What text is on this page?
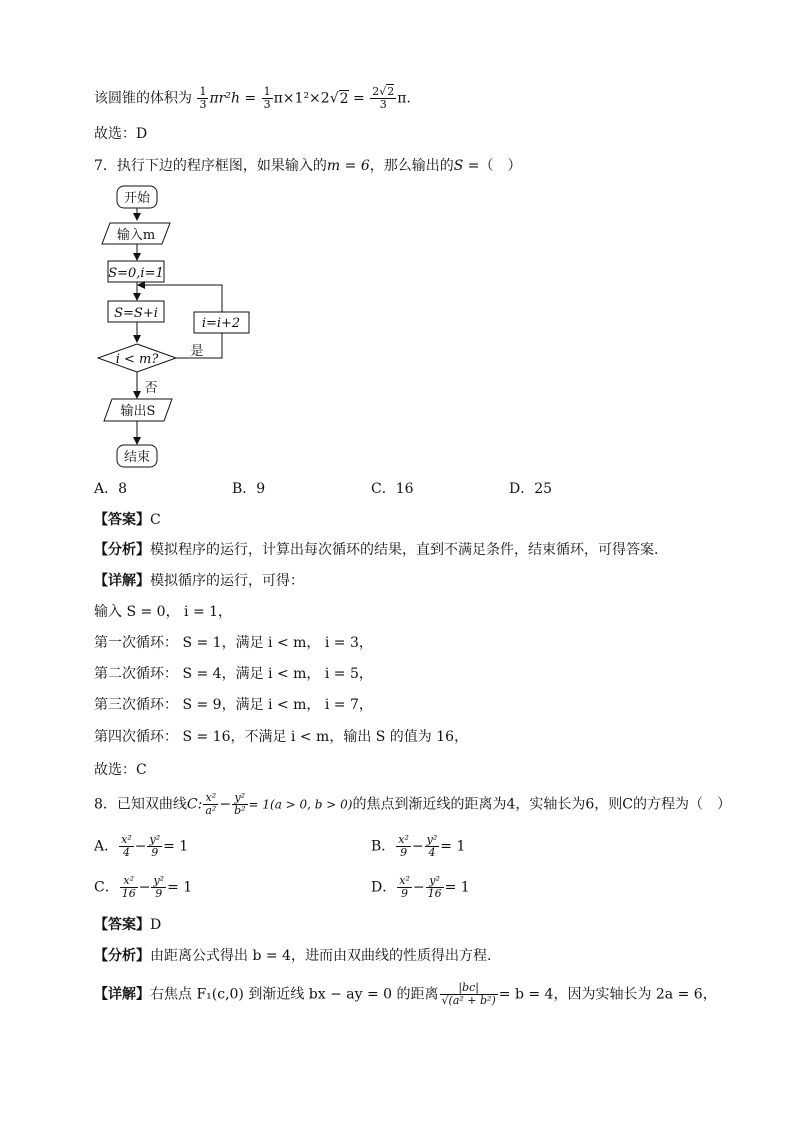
该圆锥的体积为 $\frac{1}{3} \pi r^2h = \frac{1}{3} \pi\times 1^2\times 2√2 = \frac{2√2}{3} \pi$.
故选：D
7．执行下边的程序框图，如果输入的m = 6，那么输出的S =（　）
开始
输入m
S=0,i=1
S=S+i
i < m?
i=i+2
是
否
输出S
结束
A．8	B．9	C．16	D．25
【答案】C
【分析】模拟程序的运行，计算出每次循环的结果，直到不满足条件，结束循环，可得答案.
【详解】模拟循序的运行，可得：
输入 S = 0， i = 1，
第一次循环： S = 1，满足 i < m， i = 3，
第二次循环： S = 4，满足 i < m， i = 5，
第三次循环： S = 9，满足 i < m， i = 7，
第四次循环： S = 16，不满足 i < m，输出 S 的值为 16，
故选：C
8．已知双曲线C: $\frac{\text{x²}}{\text{a²}} - \frac{\text{y²}}{\text{b²}} = 1(a > 0$, b > 0)的焦点到渐近线的距离为4，实轴长为6，则C的方程为（　）
A． $\frac{\text{x²}}{4} - \frac{\text{y²}}{9} = 1$	B． $\frac{\text{x²}}{9} - \frac{\text{y²}}{4} = 1$
C． $\frac{\text{x²}}{16} - \frac{\text{y²}}{9} = 1$	D． $\frac{\text{x²}}{9} - \frac{\text{y²}}{16} = 1$
【答案】D
【分析】由距离公式得出 b = 4，进而由双曲线的性质得出方程.
【详解】右焦点 F₁(c,0) 到渐近线 bx − ay = 0 的距离 $\frac{|bc|}{\text{√(a² + b²)}} = b = 4$，因为实轴长为 2a = 6，
